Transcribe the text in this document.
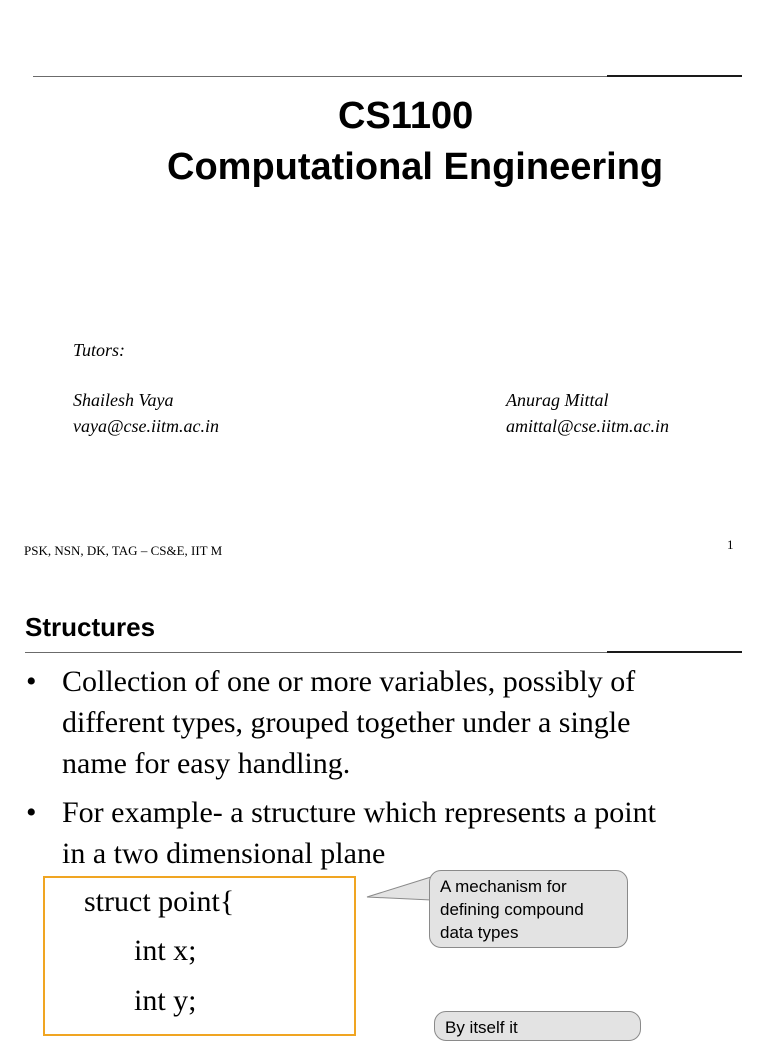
CS1100
Computational Engineering
Tutors:
Shailesh Vaya
vaya@cse.iitm.ac.in
Anurag Mittal
amittal@cse.iitm.ac.in
PSK, NSN, DK, TAG – CS&E, IIT M	1
Structures
• Collection of one or more variables, possibly of
different types, grouped together under a single
name for easy handling.
• For example- a structure which represents a point
in a two dimensional plane
struct point{
int x;
int y;
A mechanism for
defining compound
data types
By itself it
